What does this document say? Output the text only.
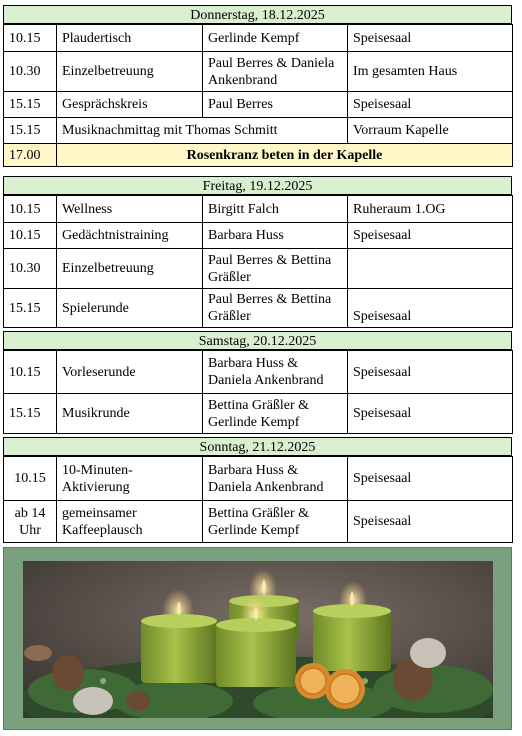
Donnerstag, 18.12.2025
10.15	Plaudertisch	Gerlinde Kempf	Speisesaal
10.30	Einzelbetreuung	Paul Berres & Daniela Ankenbrand	Im gesamten Haus
15.15	Gesprächskreis	Paul Berres	Speisesaal
15.15	Musiknachmittag mit Thomas Schmitt		Vorraum Kapelle
17.00	Rosenkranz beten in der Kapelle		
Freitag, 19.12.2025
10.15	Wellness	Birgitt Falch	Ruheraum 1.OG
10.15	Gedächtnistraining	Barbara Huss	Speisesaal
10.30	Einzelbetreuung	Paul Berres & Bettina Gräßler	
15.15	Spielerunde	Paul Berres & Bettina Gräßler	Speisesaal
Samstag, 20.12.2025
10.15	Vorleserunde	Barbara Huss & Daniela Ankenbrand	Speisesaal
15.15	Musikrunde	Bettina Gräßler & Gerlinde Kempf	Speisesaal
Sonntag, 21.12.2025
10.15	10-Minuten-Aktivierung	Barbara Huss & Daniela Ankenbrand	Speisesaal
ab 14 Uhr	gemeinsamer Kaffeeplausch	Bettina Gräßler & Gerlinde Kempf	Speisesaal
